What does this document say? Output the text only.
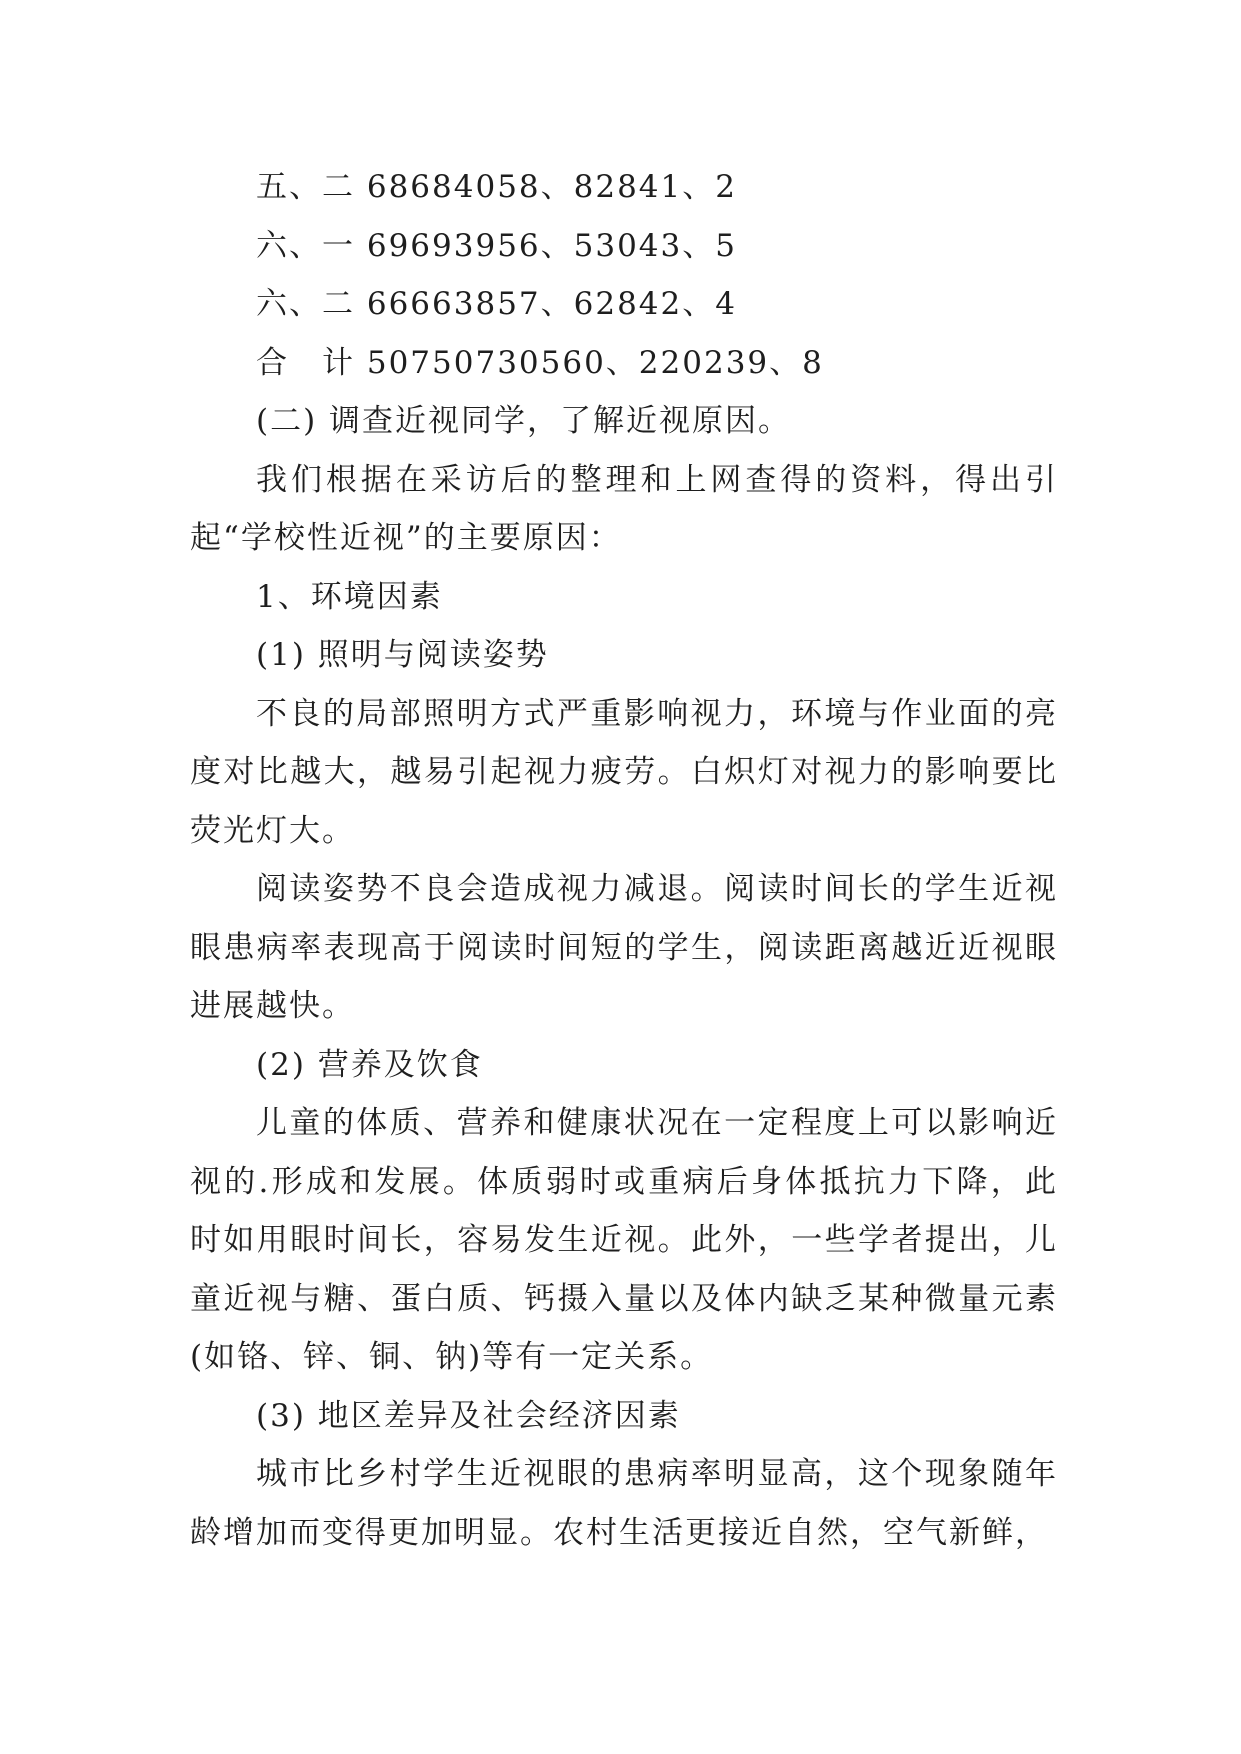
五、二 68684058、82841、2

六、一 69693956、53043、5

六、二 66663857、62842、4

合　计 50750730560、220239、8

(二) 调查近视同学，了解近视原因。

我们根据在采访后的整理和上网查得的资料，得出引起“学校性近视”的主要原因：

1、环境因素

(1) 照明与阅读姿势

不良的局部照明方式严重影响视力，环境与作业面的亮度对比越大，越易引起视力疲劳。白炽灯对视力的影响要比荧光灯大。

阅读姿势不良会造成视力减退。阅读时间长的学生近视眼患病率表现高于阅读时间短的学生，阅读距离越近近视眼进展越快。

(2) 营养及饮食

儿童的体质、营养和健康状况在一定程度上可以影响近视的.形成和发展。体质弱时或重病后身体抵抗力下降，此时如用眼时间长，容易发生近视。此外，一些学者提出，儿童近视与糖、蛋白质、钙摄入量以及体内缺乏某种微量元素(如铬、锌、铜、钠)等有一定关系。

(3) 地区差异及社会经济因素

城市比乡村学生近视眼的患病率明显高，这个现象随年龄增加而变得更加明显。农村生活更接近自然，空气新鲜，
